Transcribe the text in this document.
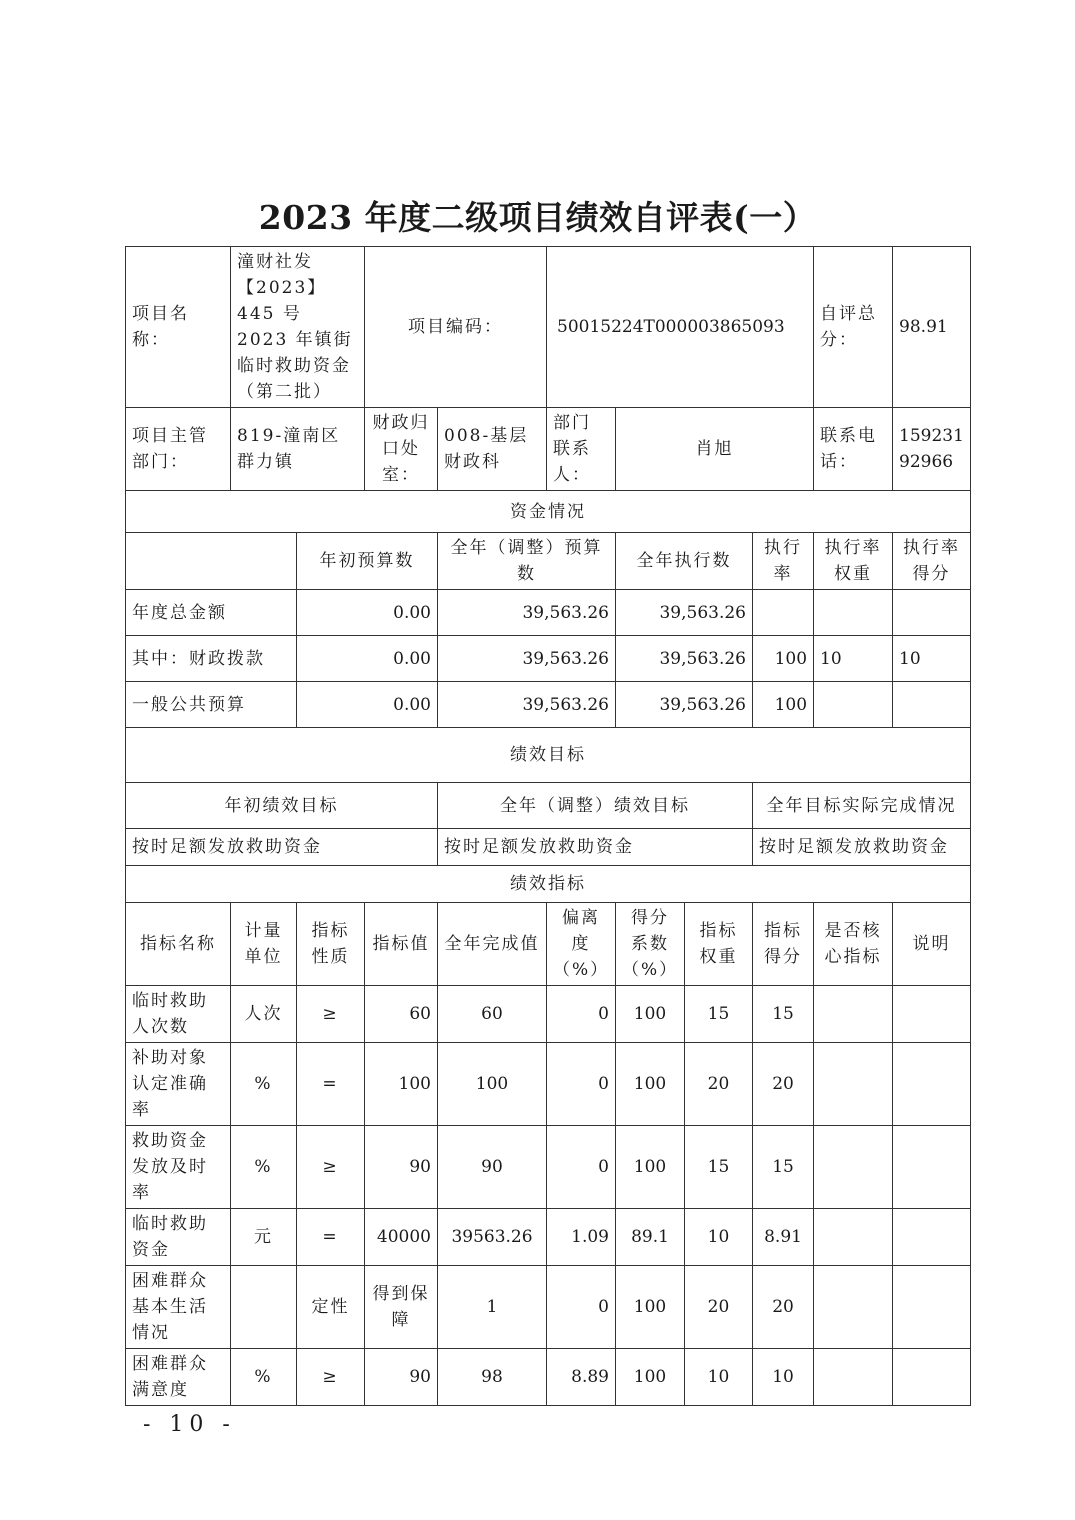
2023 年度二级项目绩效自评表(一）
项目名称：	潼财社发【2023】445 号 2023 年镇街临时救助资金（第二批）		项目编码：		50015224T000003865093				自评总分：	98.91
项目主管部门：	819-潼南区群力镇		财政归口处室：	008-基层财政科	部门联系人：	肖旭			联系电话：	15923192966
资金情况										
		年初预算数		全年（调整）预算数		全年执行数		执行率	执行率权重	执行率得分
年度总金额		0.00		39,563.26		39,563.26				
其中：财政拨款		0.00		39,563.26		39,563.26		100	10	10
一般公共预算		0.00		39,563.26		39,563.26		100		
绩效目标										
年初绩效目标				全年（调整）绩效目标				全年目标实际完成情况		
按时足额发放救助资金				按时足额发放救助资金				按时足额发放救助资金		
绩效指标										
指标名称	计量单位	指标性质	指标值	全年完成值	偏离度（%）	得分系数（%）	指标权重	指标得分	是否核心指标	说明
临时救助人次数	人次	≥	60	60	0	100	15	15		
补助对象认定准确率	%	=	100	100	0	100	20	20		
救助资金发放及时率	%	≥	90	90	0	100	15	15		
临时救助资金	元	=	40000	39563.26	1.09	89.1	10	8.91		
困难群众基本生活情况		定性	得到保障	1	0	100	20	20		
困难群众满意度	%	≥	90	98	8.89	100	10	10		
- 10 -
